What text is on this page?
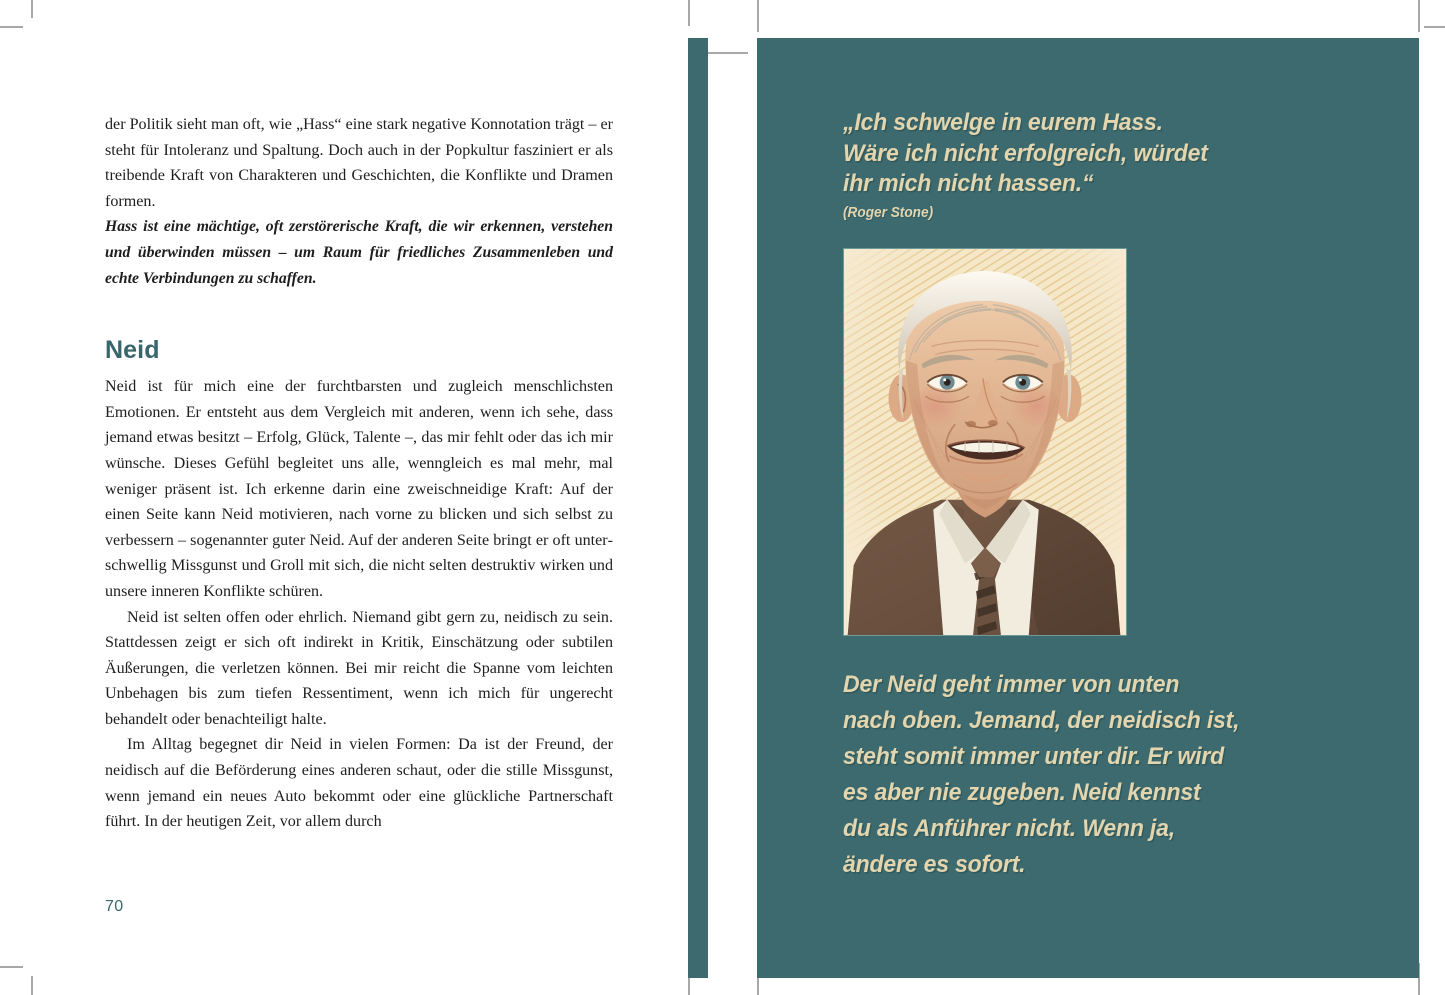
der Politik sieht man oft, wie „Hass“ eine stark negative Konnotation trägt – er steht für Intoleranz und Spaltung. Doch auch in der Popkultur fasziniert er als treibende Kraft von Charakteren und Geschichten, die Konflikte und Dramen formen.

Hass ist eine mächtige, oft zerstörerische Kraft, die wir erkennen, verstehen und überwinden müssen – um Raum für friedliches Zusammenleben und echte Verbindungen zu schaffen.

Neid

Neid ist für mich eine der furchtbarsten und zugleich menschlichsten Emotionen. Er entsteht aus dem Vergleich mit anderen, wenn ich sehe, dass jemand etwas besitzt – Erfolg, Glück, Talente –, das mir fehlt oder das ich mir wünsche. Dieses Gefühl begleitet uns alle, wenngleich es mal mehr, mal weniger präsent ist. Ich erkenne darin eine zweischneidige Kraft: Auf der einen Seite kann Neid motivieren, nach vorne zu blicken und sich selbst zu verbessern – sogenannter guter Neid. Auf der anderen Seite bringt er oft unterschwellig Missgunst und Groll mit sich, die nicht selten destruktiv wirken und unsere inneren Konflikte schüren.

Neid ist selten offen oder ehrlich. Niemand gibt gern zu, neidisch zu sein. Stattdessen zeigt er sich oft indirekt in Kritik, Einschätzung oder subtilen Äußerungen, die verletzen können. Bei mir reicht die Spanne vom leichten Unbehagen bis zum tiefen Ressentiment, wenn ich mich für ungerecht behandelt oder benachteiligt halte.

Im Alltag begegnet dir Neid in vielen Formen: Da ist der Freund, der neidisch auf die Beförderung eines anderen schaut, oder die stille Missgunst, wenn jemand ein neues Auto bekommt oder eine glückliche Partnerschaft führt. In der heutigen Zeit, vor allem durch

70
„Ich schwelge in eurem Hass.
Wäre ich nicht erfolgreich, würdet
ihr mich nicht hassen.“
(Roger Stone)
Der Neid geht immer von unten
nach oben. Jemand, der neidisch ist,
steht somit immer unter dir. Er wird
es aber nie zugeben. Neid kennst
du als Anführer nicht. Wenn ja,
ändere es sofort.
